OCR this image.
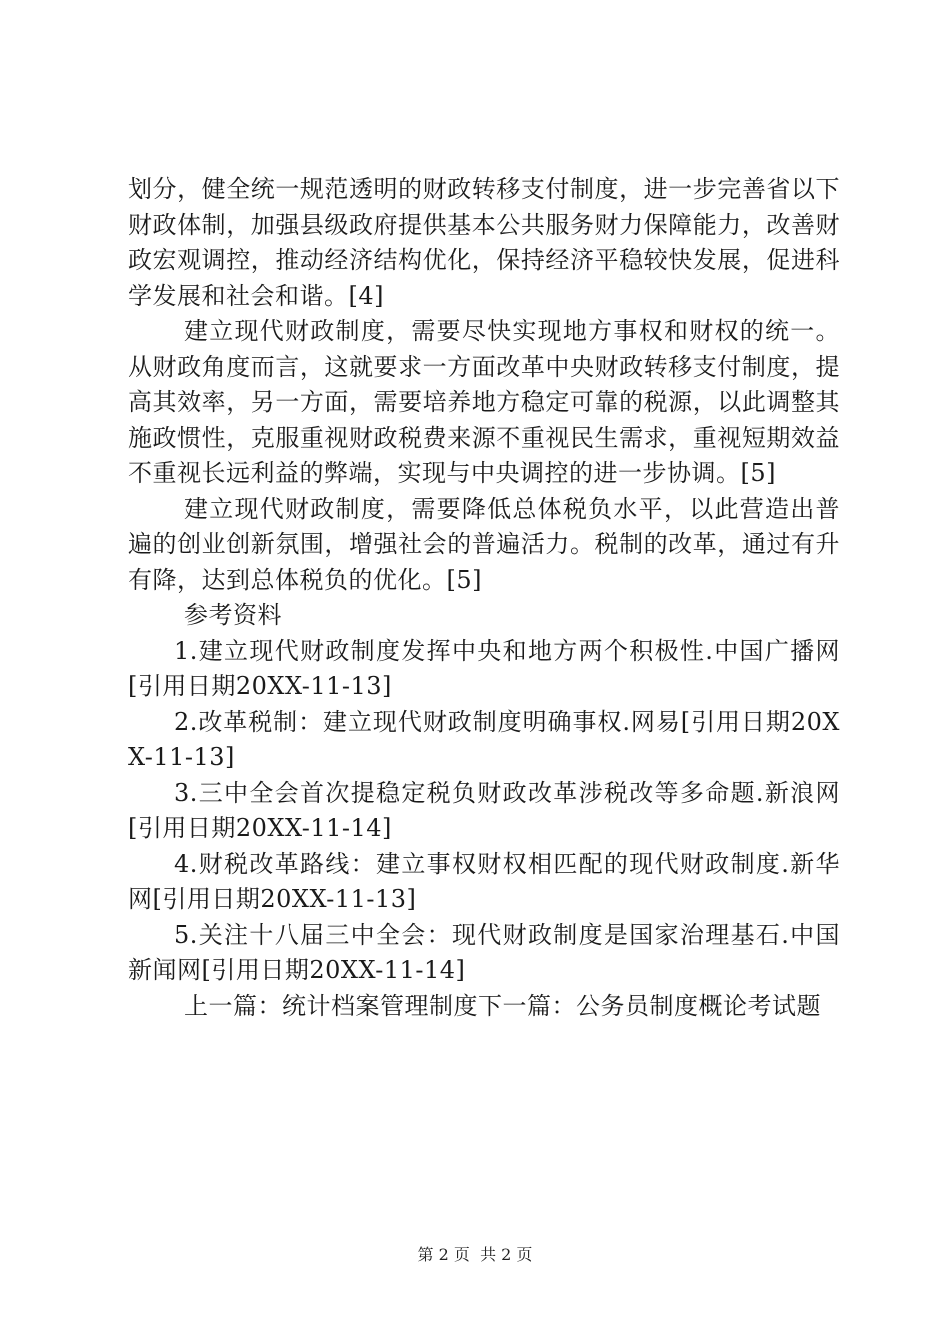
划分，健全统一规范透明的财政转移支付制度，进一步完善省以下财政体制，加强县级政府提供基本公共服务财力保障能力，改善财政宏观调控，推动经济结构优化，保持经济平稳较快发展，促进科学发展和社会和谐。[4]

建立现代财政制度，需要尽快实现地方事权和财权的统一。从财政角度而言，这就要求一方面改革中央财政转移支付制度，提高其效率，另一方面，需要培养地方稳定可靠的税源，以此调整其施政惯性，克服重视财政税费来源不重视民生需求，重视短期效益不重视长远利益的弊端，实现与中央调控的进一步协调。[5]

建立现代财政制度，需要降低总体税负水平，以此营造出普遍的创业创新氛围，增强社会的普遍活力。税制的改革，通过有升有降，达到总体税负的优化。[5]

参考资料

1.建立现代财政制度发挥中央和地方两个积极性.中国广播网[引用日期20XX-11-13]

2.改革税制：建立现代财政制度明确事权.网易[引用日期20XX-11-13]

3.三中全会首次提稳定税负财政改革涉税改等多命题.新浪网[引用日期20XX-11-14]

4.财税改革路线：建立事权财权相匹配的现代财政制度.新华网[引用日期20XX-11-13]

5.关注十八届三中全会：现代财政制度是国家治理基石.中国新闻网[引用日期20XX-11-14]

上一篇：统计档案管理制度下一篇：公务员制度概论考试题

第 2 页  共 2 页
